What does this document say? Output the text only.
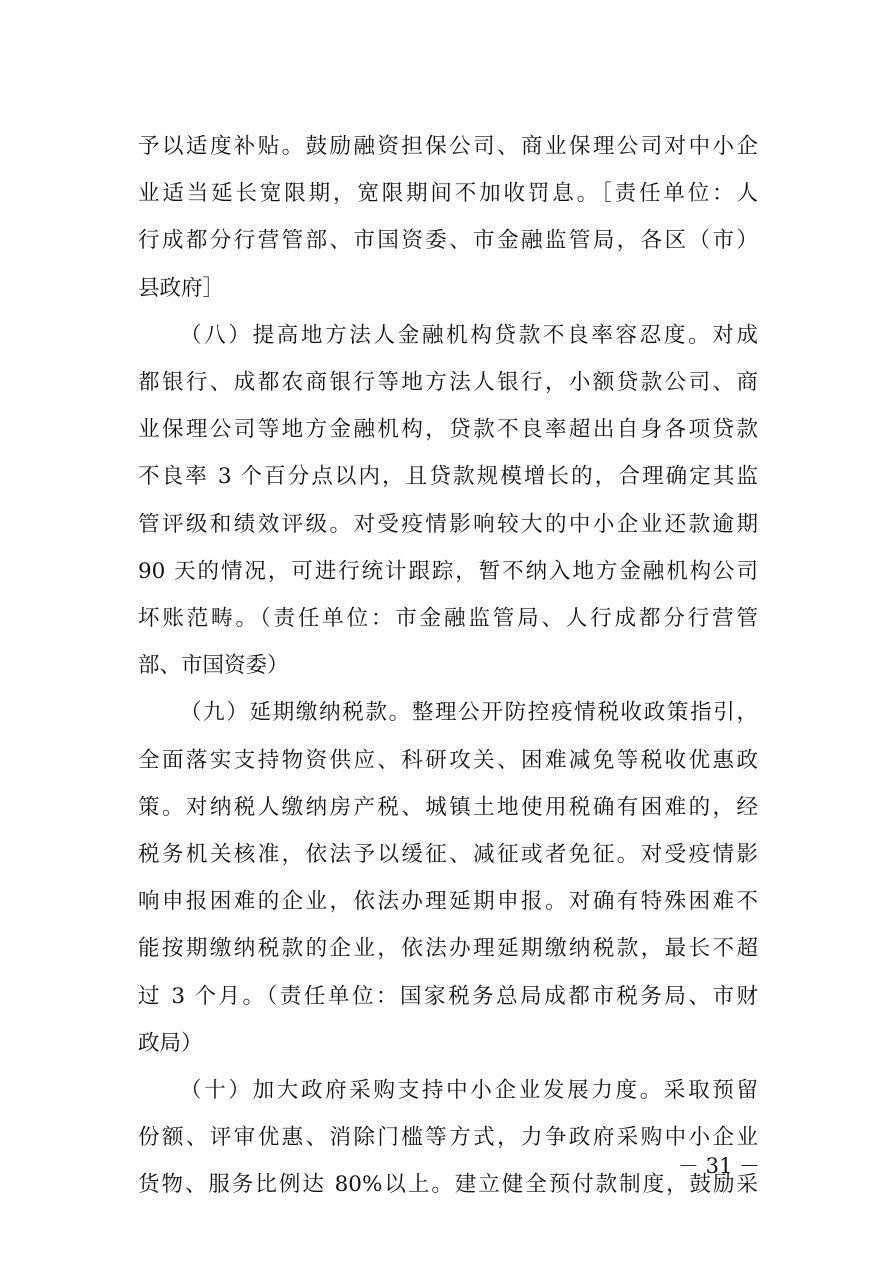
予以适度补贴。鼓励融资担保公司、商业保理公司对中小企
业适当延长宽限期，宽限期间不加收罚息。［责任单位：人
行成都分行营管部、市国资委、市金融监管局，各区（市）
县政府］
（八）提高地方法人金融机构贷款不良率容忍度。对成
都银行、成都农商银行等地方法人银行，小额贷款公司、商
业保理公司等地方金融机构，贷款不良率超出自身各项贷款
不良率 3 个百分点以内，且贷款规模增长的，合理确定其监
管评级和绩效评级。对受疫情影响较大的中小企业还款逾期
90 天的情况，可进行统计跟踪，暂不纳入地方金融机构公司
坏账范畴。（责任单位：市金融监管局、人行成都分行营管
部、市国资委）
（九）延期缴纳税款。整理公开防控疫情税收政策指引，
全面落实支持物资供应、科研攻关、困难减免等税收优惠政
策。对纳税人缴纳房产税、城镇土地使用税确有困难的，经
税务机关核准，依法予以缓征、减征或者免征。对受疫情影
响申报困难的企业，依法办理延期申报。对确有特殊困难不
能按期缴纳税款的企业，依法办理延期缴纳税款，最长不超
过 3 个月。（责任单位：国家税务总局成都市税务局、市财
政局）
（十）加大政府采购支持中小企业发展力度。采取预留
份额、评审优惠、消除门槛等方式，力争政府采购中小企业
货物、服务比例达 80%以上。建立健全预付款制度，鼓励采
－ 31 －
